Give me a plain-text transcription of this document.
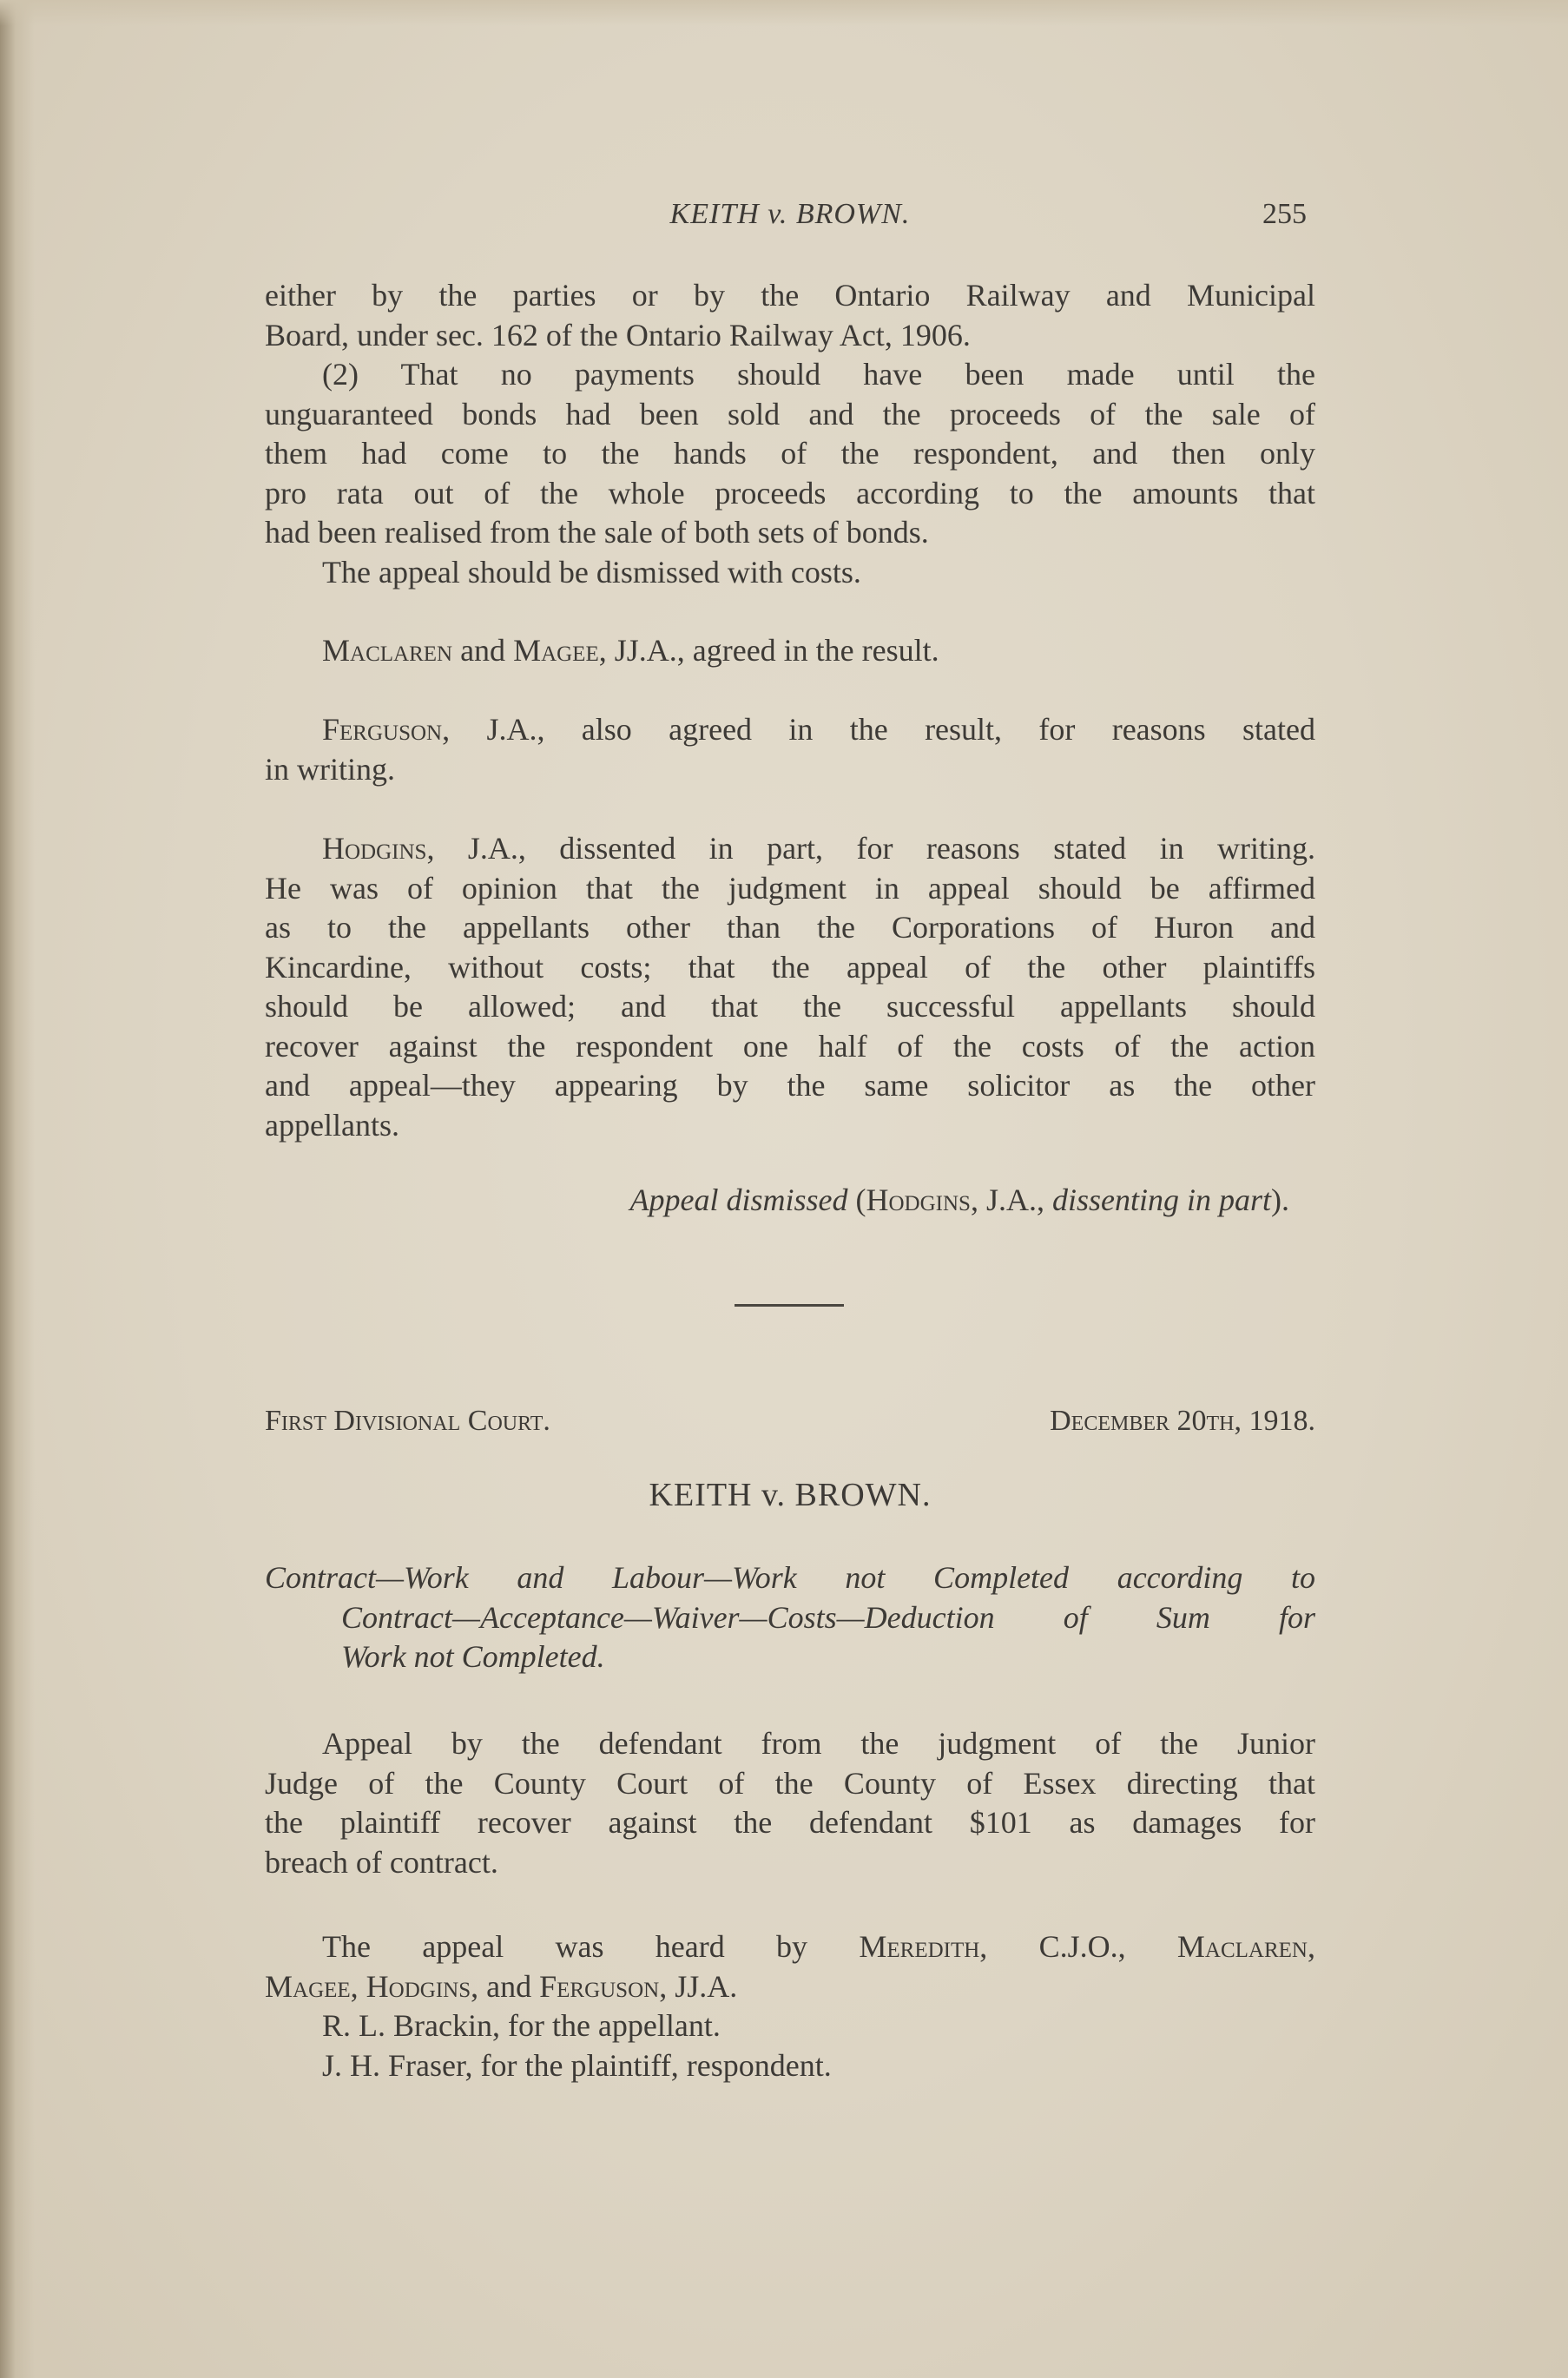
KEITH v. BROWN.	255
either by the parties or by the Ontario Railway and Municipal
Board, under sec. 162 of the Ontario Railway Act, 1906.
(2) That no payments should have been made until the
unguaranteed bonds had been sold and the proceeds of the sale of
them had come to the hands of the respondent, and then only
pro rata out of the whole proceeds according to the amounts that
had been realised from the sale of both sets of bonds.
The appeal should be dismissed with costs.
Maclaren and Magee, JJ.A., agreed in the result.
Ferguson, J.A., also agreed in the result, for reasons stated
in writing.
Hodgins, J.A., dissented in part, for reasons stated in writing.
He was of opinion that the judgment in appeal should be affirmed
as to the appellants other than the Corporations of Huron and
Kincardine, without costs; that the appeal of the other plaintiffs
should be allowed; and that the successful appellants should
recover against the respondent one half of the costs of the action
and appeal—they appearing by the same solicitor as the other
appellants.
Appeal dismissed (Hodgins, J.A., dissenting in part).
First Divisional Court.	December 20th, 1918.
KEITH v. BROWN.
Contract—Work and Labour—Work not Completed according to
Contract—Acceptance—Waiver—Costs—Deduction of Sum for
Work not Completed.
Appeal by the defendant from the judgment of the Junior
Judge of the County Court of the County of Essex directing that
the plaintiff recover against the defendant $101 as damages for
breach of contract.
The appeal was heard by Meredith, C.J.O., Maclaren,
Magee, Hodgins, and Ferguson, JJ.A.
R. L. Brackin, for the appellant.
J. H. Fraser, for the plaintiff, respondent.
